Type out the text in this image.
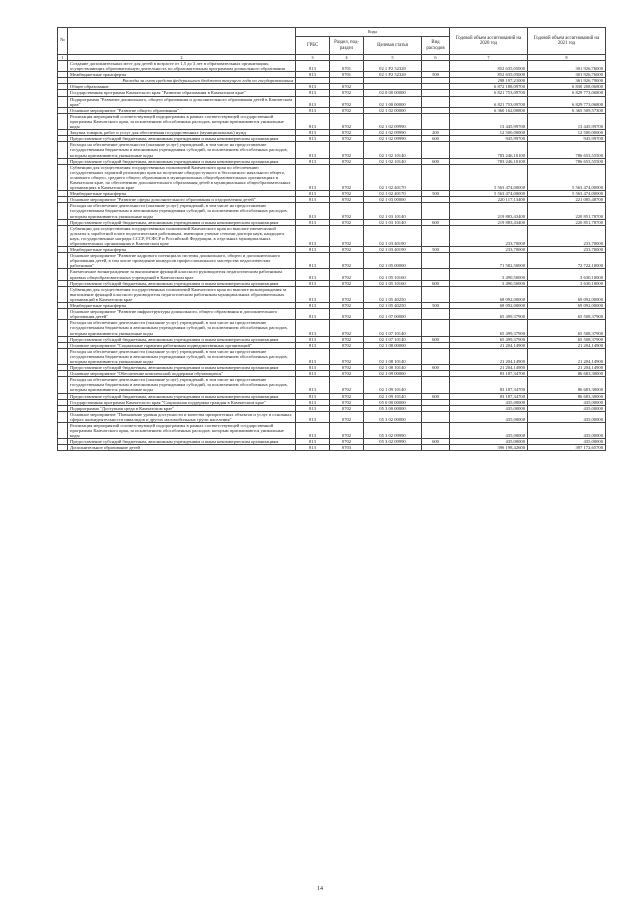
№		Коды				Годовой объем ассигнований на 2020 год	Годовой объем ассигнований на 2021 год
		ГРБС	Раздел, под-раздел	Целевая статья	Вид расходов		
1	2	3	4	5	6	7	8
	Создание дополнительных мест для детей в возрасте от 1,5 до 3 лет в образовательных организациях, осуществляющих образовательную деятельность по образовательным программам дошкольного образования	813	0701	02 1 P2 52320		852 635,05000	301 926,76000
	Межбюджетные трансферты	813	0701	02 1 P2 52320	500	852 635,05000	301 926,76000
	Расходы за счет средств федерального бюджета текущего года по государственным					298 197,21000	361 926,79000
	Общее образование	813	0702			6 872 188,09700	6 830 208,06800
	Государственная программа Камчатского края "Развитие образования в Камчатском крае"	813	0702	02 0 00 00000		6 821 753,09700	6 829 773,06800
	Подпрограмма "Развитие дошкольного, общего образования и дополнительного образования детей в Камчатском крае"	813	0702	02 1 00 00000		6 821 753,09700	6 829 773,06800
	Основное мероприятие "Развитие общего образования"	813	0702	02 1 02 00000		6 360 162,00800	6 365 509,57300
	Реализация мероприятий соответствующей подпрограммы в рамках соответствующей государственной программы Камчатского края, за исключением обособленных расходов, которым присваиваются уникальные коды	813	0702	02 1 02 09990		13 445,99700	13 445,99700
	Закупка товаров, работ и услуг для обеспечения государственных (муниципальных) нужд	813	0702	02 1 02 09990	200	12 500,00000	12 500,00000
	Предоставление субсидий бюджетным, автономным учреждениям и иным некоммерческим организациям	813	0702	02 1 02 09990	600	945,99700	945,99700
	Расходы на обеспечение деятельности (оказание услуг) учреждений, в том числе на предоставление государственным бюджетным и автономным учреждениям субсидий, за исключением обособленных расходов, которым присваиваются уникальные коды	813	0702	02 1 02 10140		783 246,10100	786 653,55500
	Предоставление субсидий бюджетным, автономным учреждениям и иным некоммерческим организациям	813	0702	02 1 02 10140	600	783 246,10100	786 653,55500
	Субвенции для осуществления государственных полномочий Камчатского края по обеспечению государственных гарантий реализации прав на получение общедоступного и бесплатного начального общего, основного общего, среднего общего образования в муниципальных общеобразовательных организациях в Камчатском крае, по обеспечению дополнительного образования детей в муниципальных общеобразовательных организациях в Камчатском крае	813	0702	02 1 02 40170		5 563 474,00000	5 563 474,00000
	Межбюджетные трансферты	813	0702	02 1 02 40170	500	5 563 474,00000	5 563 474,00000
	Основное мероприятие "Развитие сферы дополнительного образования и оздоровления детей"	813	0702	02 1 03 00000		220 117,13400	221 085,48700
	Расходы на обеспечение деятельности (оказание услуг) учреждений, в том числе на предоставление государственным бюджетным и автономным учреждениям субсидий, за исключением обособленных расходов, которым присваиваются уникальные коды	813	0702	02 1 03 10140		219 883,43400	220 851,78700
	Предоставление субсидий бюджетным, автономным учреждениям и иным некоммерческим организациям	813	0702	02 1 03 10140	600	219 883,43400	220 851,78700
	Субвенции для осуществления государственных полномочий Камчатского края по выплате ежемесячной доплаты к заработной плате педагогическим работникам, имеющим ученые степени доктора наук, кандидата наук, государственные награды СССР, РСФСР и Российской Федерации, в отдельных муниципальных образовательных организациях в Камчатском крае	813	0702	02 1 03 40190		233,70000	233,70000
	Межбюджетные трансферты	813	0702	02 1 03 40190	500	233,70000	233,70000
	Основное мероприятие "Развитие кадрового потенциала системы дошкольного, общего и дополнительного образования детей, в том числе проведение конкурсов профессионального мастерства педагогических работников"	813	0702	02 1 05 00000		71 582,50000	72 722,10000
	Ежемесячное вознаграждение за выполнение функций классного руководителя педагогическим работникам краевых общеобразовательных учреждений в Камчатском крае	813	0702	02 1 05 10160		3 490,50000	3 630,10000
	Предоставление субсидий бюджетным, автономным учреждениям и иным некоммерческим организациям	813	0702	02 1 05 10160	600	3 490,50000	3 630,10000
	Субвенции для осуществления государственных полномочий Камчатского края по выплате вознаграждения за выполнение функций классного руководителя педагогическим работникам муниципальных образовательных организаций в Камчатском крае	813	0702	02 1 05 40250		68 092,00000	69 092,00000
	Межбюджетные трансферты	813	0702	02 1 05 40250	500	68 092,00000	69 092,00000
	Основное мероприятие "Развитие инфраструктуры дошкольного, общего образования и дополнительного образования детей"	813	0702	02 1 07 00000		65 499,37900	65 508,37900
	Расходы на обеспечение деятельности (оказание услуг) учреждений, в том числе на предоставление государственным бюджетным и автономным учреждениям субсидий, за исключением обособленных расходов, которым присваиваются уникальные коды	813	0702	02 1 07 10140		65 499,37900	65 508,37900
	Предоставление субсидий бюджетным, автономным учреждениям и иным некоммерческим организациям	813	0702	02 1 07 10140	600	65 499,37900	65 508,37900
	Основное мероприятие "Социальные гарантии работникам подведомственных организаций"	813	0702	02 1 08 00000		21 204,14900	21 204,14900
	Расходы на обеспечение деятельности (оказание услуг) учреждений, в том числе на предоставление государственным бюджетным и автономным учреждениям субсидий, за исключением обособленных расходов, которым присваиваются уникальные коды	813	0702	02 1 08 10140		21 204,14900	21 204,14900
	Предоставление субсидий бюджетным, автономным учреждениям и иным некоммерческим организациям	813	0702	02 1 08 10140	600	21 204,14900	21 204,14900
	Основное мероприятие "Обеспечение комплексной поддержки обучающихся"	813	0702	02 1 09 00000		83 187,34700	86 683,30000
	Расходы на обеспечение деятельности (оказание услуг) учреждений, в том числе на предоставление государственным бюджетным и автономным учреждениям субсидий, за исключением обособленных расходов, которым присваиваются уникальные коды	813	0702	02 1 09 10140		83 187,34700	86 683,30000
	Предоставление субсидий бюджетным, автономным учреждениям и иным некоммерческим организациям	813	0702	02 1 09 10140	600	83 187,34700	86 683,30000
	Государственная программа Камчатского края "Социальная поддержка граждан в Камчатском крае"	813	0702	05 0 00 00000		435,00000	435,00000
	Подпрограмма "Доступная среда в Камчатском крае"	813	0702	05 3 00 00000		435,00000	435,00000
	Основное мероприятие "Повышение уровня доступности и качества приоритетных объектов и услуг в основных сферах жизнедеятельности инвалидов и других маломобильных групп населения"	813	0702	05 3 02 00000		435,00000	435,00000
	Реализация мероприятий соответствующей подпрограммы в рамках соответствующей государственной программы Камчатского края, за исключением обособленных расходов, которым присваиваются уникальные коды	813	0702	05 3 02 09990		435,00000	435,00000
	Предоставление субсидий бюджетным, автономным учреждениям и иным некоммерческим организациям	813	0702	05 3 02 09990	600	435,00000	435,00000
	Дополнительное образование детей	813	0703			396 198,42600	397 172,65700
14
